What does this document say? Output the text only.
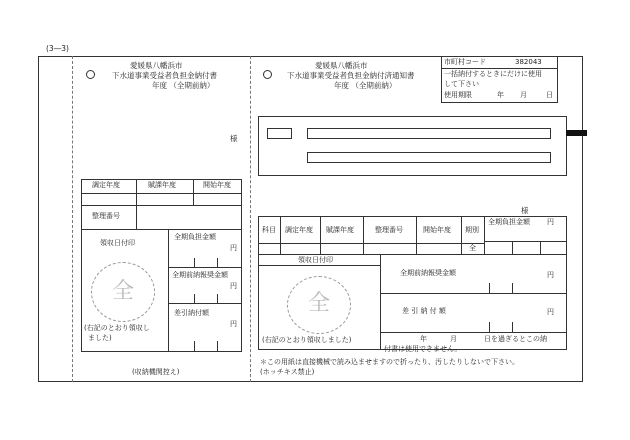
(3―3)
愛媛県八幡浜市
下水道事業受益者負担金納付書
年度 （全期前納）
様
調定年度	賦課年度	開始年度
整理番号
領収日付印
全
(右記のとおり領収し
ました)
全期負担金額
円
全期前納報奨金額
円
差引納付額
円
(収納機関控え)
愛媛県八幡浜市
下水道事業受益者負担金納付済通知書
年度 （全期前納）
市町村コード	382043
一括納付するときにだけに使用
して下さい
使用期限	年 月	日
様
科目 調定年度 賦課年度	整理番号	開始年度 期別
全期負担金額 円
全
領収日付印
全
(右記のとおり領収しました)
全期前納報奨金額	円
差 引 納 付 額	円
年	月	日を過ぎるとこの納
付書は使用できません。
＊この用紙は直接機械で読み込ませますので折ったり、汚したりしないで下さい。
(ホッチキス禁止)
